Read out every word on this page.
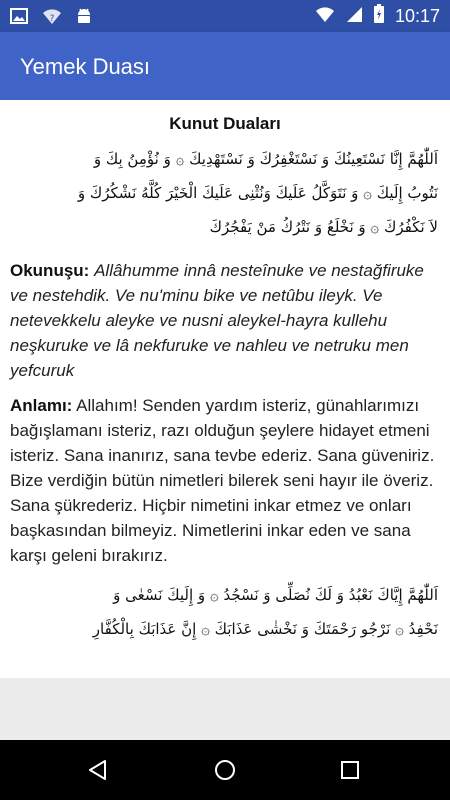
?	10:17
Yemek Duası
Kunut Duaları
اَللّٰهُمَّ إِنَّا نَسْتَعِينُكَ وَ نَسْتَغْفِرُكَ وَ نَسْتَهْدِيكَ ۞ وَ نُؤْمِنُ بِكَ وَ
نَتُوبُ إِلَيكَ ۞ وَ نَتَوَكَّلُ عَلَيكَ وَنُثْنِى عَلَيكَ الْخَيْرَ كُلَّهُ نَشْكُرُكَ وَ
لاَ نَكْفُرُكَ ۞ وَ نَخْلَعُ وَ نَتْرُكُ مَنْ يَفْجُرُكَ
Okunuşu: Allâhumme innâ nesteînuke ve nestağfiruke ve nestehdik. Ve nu'minu bike ve netûbu ileyk. Ve netevekkelu aleyke ve nusni aleykel-hayra kullehu neşkuruke ve lâ nekfuruke ve nahleu ve netruku men yefcuruk
Anlamı: Allahım! Senden yardım isteriz, günahlarımızı bağışlamanı isteriz, razı olduğun şeylere hidayet etmeni isteriz. Sana inanırız, sana tevbe ederiz. Sana güveniriz. Bize verdiğin bütün nimetleri bilerek seni hayır ile överiz. Sana şükrederiz. Hiçbir nimetini inkar etmez ve onları başkasından bilmeyiz. Nimetlerini inkar eden ve sana karşı geleni bırakırız.
اَللّٰهُمَّ إِيَّاكَ نَعْبُدُ وَ لَكَ نُصَلِّى وَ نَسْجُدُ ۞ وَ إِلَيكَ نَسْعٰى وَ
نَحْفِدُ ۞ نَرْجُو رَحْمَتَكَ وَ نَخْشٰى عَذَابَكَ ۞ إِنَّ عَذَابَكَ بِالْكُفَّارِ
